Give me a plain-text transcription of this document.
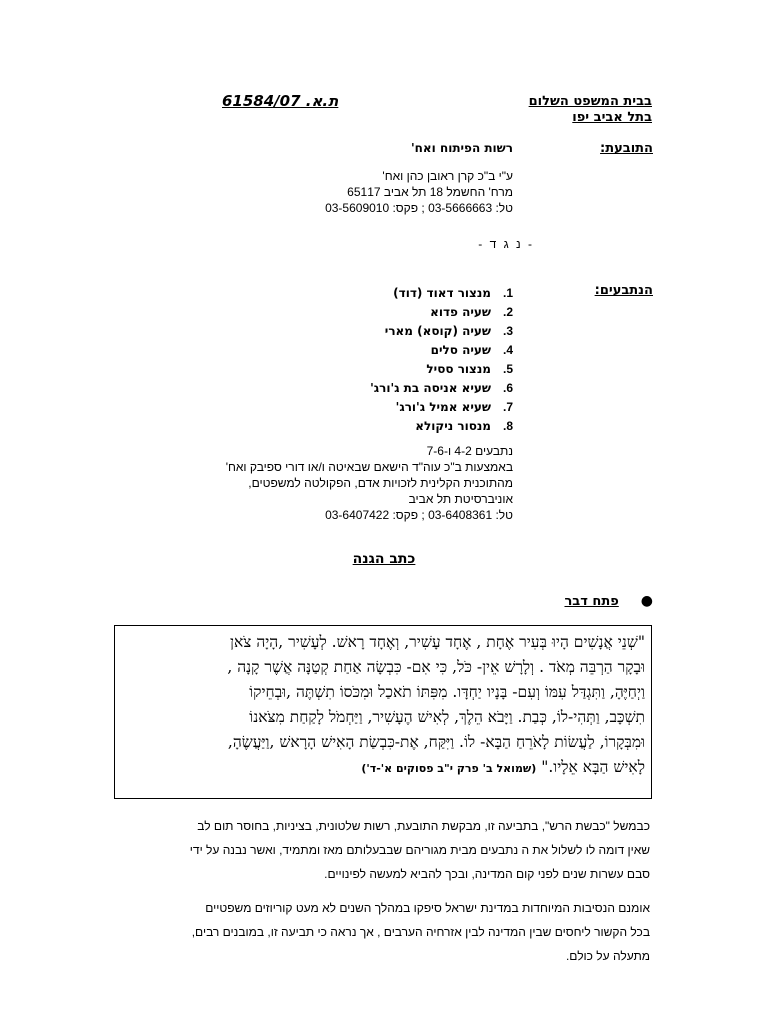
בבית המשפט השלום
בתל אביב יפו
ת.א. 61584/07
התובעת:
רשות הפיתוח ואח'
ע"י ב"כ קרן ראובן כהן ואח'
מרח' החשמל 18 תל אביב 65117
טל: 03-5666663 ; פקס: 03-5609010
- נ ג ד -
הנתבעים:
1.
מנצור דאוד (דוד)
2.
שעיה פדוא
3.
שעיה (קוסא) מארי
4.
שעיה סלים
5.
מנצור ססיל
6.
שעיא אניסה בת ג'ורג'
7.
שעיא אמיל ג'ורג'
8.
מנסור ניקולא
נתבעים 4-2 ו-7-6
באמצעות ב"כ עוה"ד הישאם שבאיטה ו/או דורי ספיבק ואח'
מהתוכנית הקלינית לזכויות אדם, הפקולטה למשפטים,
אוניברסיטת תל אביב
טל: 03-6408361 ; פקס: 03-6407422
כתב הגנה
●
פתח דבר
"שְׁנֵי אֲנָשִׁים הָיוּ בְּעִיר אֶחָת , אֶחָד עָשִׁיר, וְאֶחָד רָאשׁ. לְעָשִׁיר ,הָיָה צֹאן
וּבָקָר הַרְבֵּה מְאֹד . וְלָרָשׁ אֵין- כֹּל, כִּי אִם- כִּבְשָׂה אַחַת קְטַנָּה אֲשֶׁר קָנָה ,
וַיְחַיֶּהָ, וַתִּגְדַּל עִמּוֹ וְעִם- בָּנָיו יַחְדָּו. מִפִּתּוֹ תֹאכַל וּמִכֹּסוֹ תִשְׁתֶּה ,וּבְחֵיקוֹ
תִשְׁכָּב, וַתְּהִי-לוֹ, כְּבַת. וַיָּבֹא הֵלֶךְ, לְאִישׁ הֶעָשִׁיר, וַיַּחְמֹל לָקַחַת מִצֹּאנוֹ
וּמִבְּקָרוֹ, לַעֲשׂוֹת לָאֹרֵחַ הַבָּא- לוֹ. וַיִּקַּח, אֶת-כִּבְשַׂת הָאִישׁ הָרָאשׁ ,וַיַּעֲשֶׂהָ,
לָאִישׁ הַבָּא אֵלָיו." (שמואל ב' פרק י"ב פסוקים א'-ד')
כבמשל "כבשת הרש", בתביעה זו, מבקשת התובעת, רשות שלטונית, בציניות, בחוסר תום לב
שאין דומה לו לשלול את ה נתבעים מבית מגוריהם שבבעלותם מאז ומתמיד, ואשר נבנה על ידי
סבם עשרות שנים לפני קום המדינה, ובכך להביא למעשה לפינויים.
אומנם הנסיבות המיוחדות במדינת ישראל סיפקו במהלך השנים לא מעט קוריוזים משפטיים
בכל הקשור ליחסים שבין המדינה לבין אזרחיה הערבים , אך נראה כי תביעה זו, במובנים רבים,
מתעלה על כולם.
